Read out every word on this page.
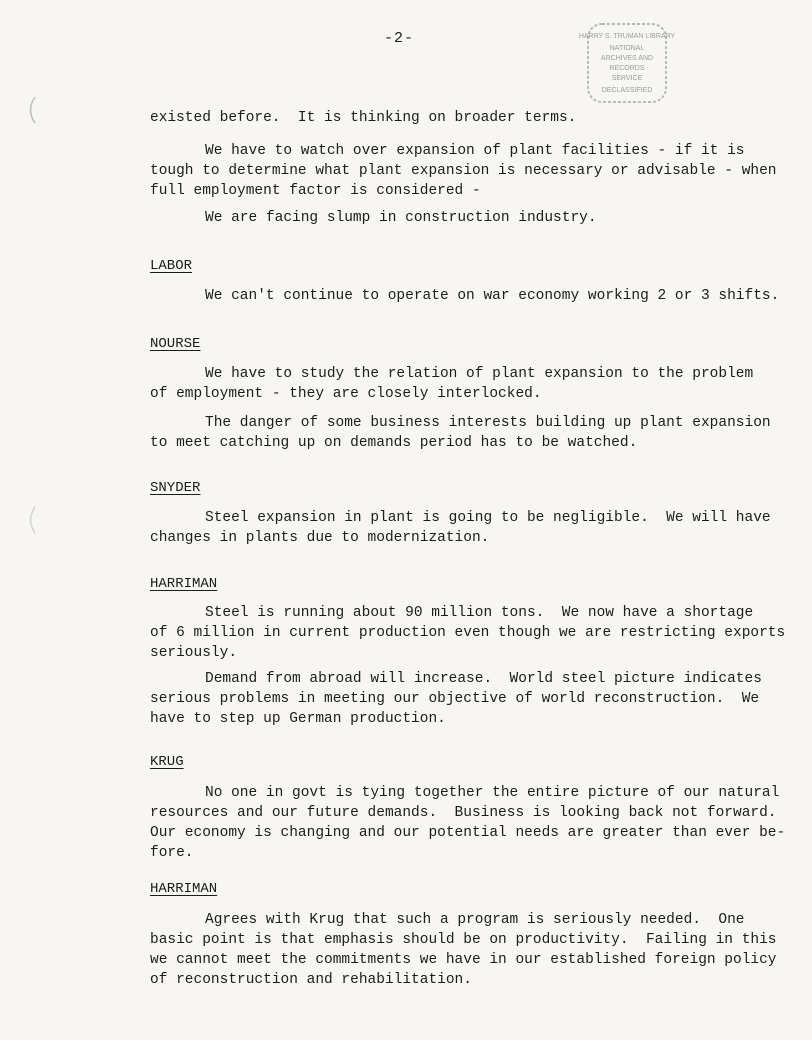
-2-	HARRY S. TRUMAN LIBRARY
NATIONAL
ARCHIVES AND
RECORDS
SERVICE
DECLASSIFIED
existed before.  It is thinking on broader terms.
We have to watch over expansion of plant facilities - if it is
tough to determine what plant expansion is necessary or advisable - when
full employment factor is considered -
We are facing slump in construction industry.
LABOR
We can't continue to operate on war economy working 2 or 3 shifts.
NOURSE
We have to study the relation of plant expansion to the problem
of employment - they are closely interlocked.
The danger of some business interests building up plant expansion
to meet catching up on demands period has to be watched.
SNYDER
Steel expansion in plant is going to be negligible.  We will have
changes in plants due to modernization.
HARRIMAN
Steel is running about 90 million tons.  We now have a shortage
of 6 million in current production even though we are restricting exports
seriously.
Demand from abroad will increase.  World steel picture indicates
serious problems in meeting our objective of world reconstruction.  We
have to step up German production.
KRUG
No one in govt is tying together the entire picture of our natural
resources and our future demands.  Business is looking back not forward.
Our economy is changing and our potential needs are greater than ever be-
fore.
HARRIMAN
Agrees with Krug that such a program is seriously needed.  One
basic point is that emphasis should be on productivity.  Failing in this
we cannot meet the commitments we have in our established foreign policy
of reconstruction and rehabilitation.
